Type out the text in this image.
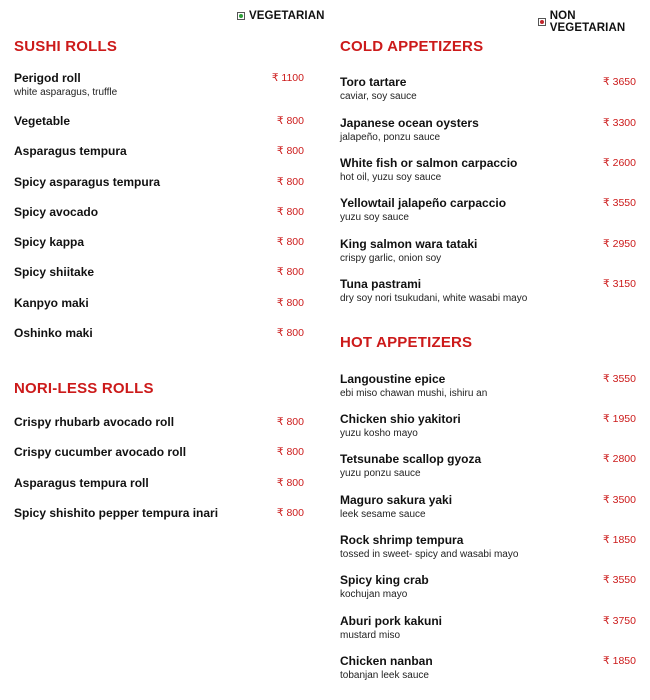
VEGETARIAN	NON VEGETARIAN
SUSHI ROLLS
Perigod roll
white asparagus, truffle
₹ 1100
Vegetable	₹ 800
Asparagus tempura	₹ 800
Spicy asparagus tempura	₹ 800
Spicy avocado	₹ 800
Spicy kappa	₹ 800
Spicy shiitake	₹ 800
Kanpyo maki	₹ 800
Oshinko maki	₹ 800
NORI-LESS ROLLS
Crispy rhubarb avocado roll	₹ 800
Crispy cucumber avocado roll	₹ 800
Asparagus tempura roll	₹ 800
Spicy shishito pepper tempura inari	₹ 800
COLD APPETIZERS
Toro tartare
caviar, soy sauce
₹ 3650
Japanese ocean oysters
jalapeño, ponzu sauce
₹ 3300
White fish or salmon carpaccio
hot oil, yuzu soy sauce
₹ 2600
Yellowtail jalapeño carpaccio
yuzu soy sauce
₹ 3550
King salmon wara tataki
crispy garlic, onion soy
₹ 2950
Tuna pastrami
dry soy nori tsukudani, white wasabi mayo
₹ 3150
HOT APPETIZERS
Langoustine epice
ebi miso chawan mushi, ishiru an
₹ 3550
Chicken shio yakitori
yuzu kosho mayo
₹ 1950
Tetsunabe scallop gyoza
yuzu ponzu sauce
₹ 2800
Maguro sakura yaki
leek sesame sauce
₹ 3500
Rock shrimp tempura
tossed in sweet- spicy and wasabi mayo
₹ 1850
Spicy king crab
kochujan mayo
₹ 3550
Aburi pork kakuni
mustard miso
₹ 3750
Chicken nanban
tobanjan leek sauce
₹ 1850
